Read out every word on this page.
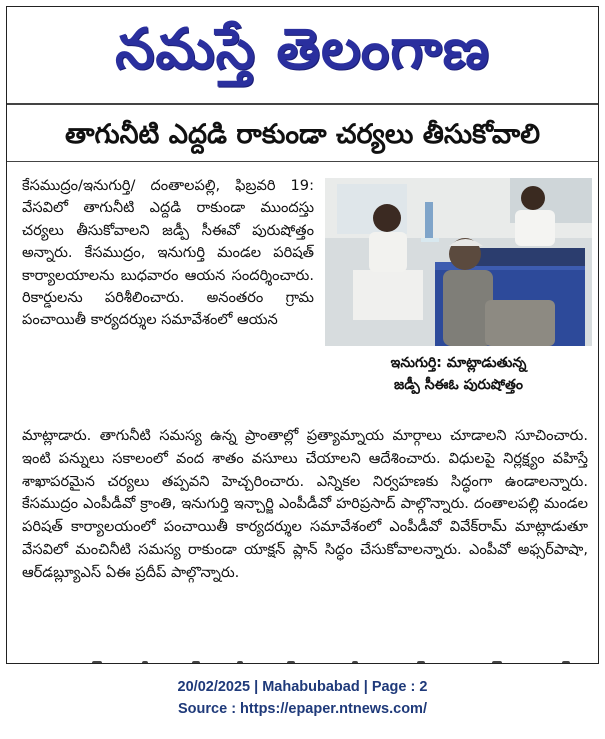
నమస్తే తెలంగాణ
తాగునీటి ఎద్దడి రాకుండా చర్యలు తీసుకోవాలి

కేసముద్రం/ఇనుగుర్తి/ దంతాలపల్లి, ఫిబ్రవరి 19: వేసవిలో తాగునీటి ఎద్దడి రాకుండా ముందస్తు చర్యలు తీసుకోవాలని జడ్పీ సీఈవో పురుషోత్తం అన్నారు. కేసముద్రం, ఇనుగుర్తి మండల పరిషత్ కార్యాలయాలను బుధవారం ఆయన సందర్శించారు. రికార్డులను పరిశీలించారు. అనంతరం గ్రామ పంచాయితీ కార్యదర్శుల సమావేశంలో ఆయన

ఇనుగుర్తి: మాట్లాడుతున్న
జడ్పీ సీఈఓ పురుషోత్తం

మాట్లాడారు. తాగునీటి సమస్య ఉన్న ప్రాంతాల్లో ప్రత్యామ్నాయ మార్గాలు చూడాలని సూచించారు. ఇంటి పన్నులు సకాలంలో వంద శాతం వసూలు చేయాలని ఆదేశించారు. విధులపై నిర్లక్ష్యం వహిస్తే శాఖాపరమైన చర్యలు తప్పవని హెచ్చరించారు. ఎన్నికల నిర్వహణకు సిద్ధంగా ఉండాలన్నారు. కేసముద్రం ఎంపీడీవో క్రాంతి, ఇనుగుర్తి ఇన్చార్జి ఎంపీడీవో హరిప్రసాద్ పాల్గొన్నారు. దంతాలపల్లి మండల పరిషత్ కార్యాలయంలో పంచాయితీ కార్యదర్శుల సమావేశంలో ఎంపీడీవో వివేక్‌రామ్ మాట్లాడుతూ వేసవిలో మంచినీటి సమస్య రాకుండా యాక్షన్ ప్లాన్ సిద్ధం చేసుకోవాలన్నారు. ఎంపీవో అఫ్సర్‌పాషా, ఆర్‌డబ్ల్యూఎస్ ఏఈ ప్రదీప్ పాల్గొన్నారు.

20/02/2025 | Mahabubabad | Page : 2
Source : https://epaper.ntnews.com/
